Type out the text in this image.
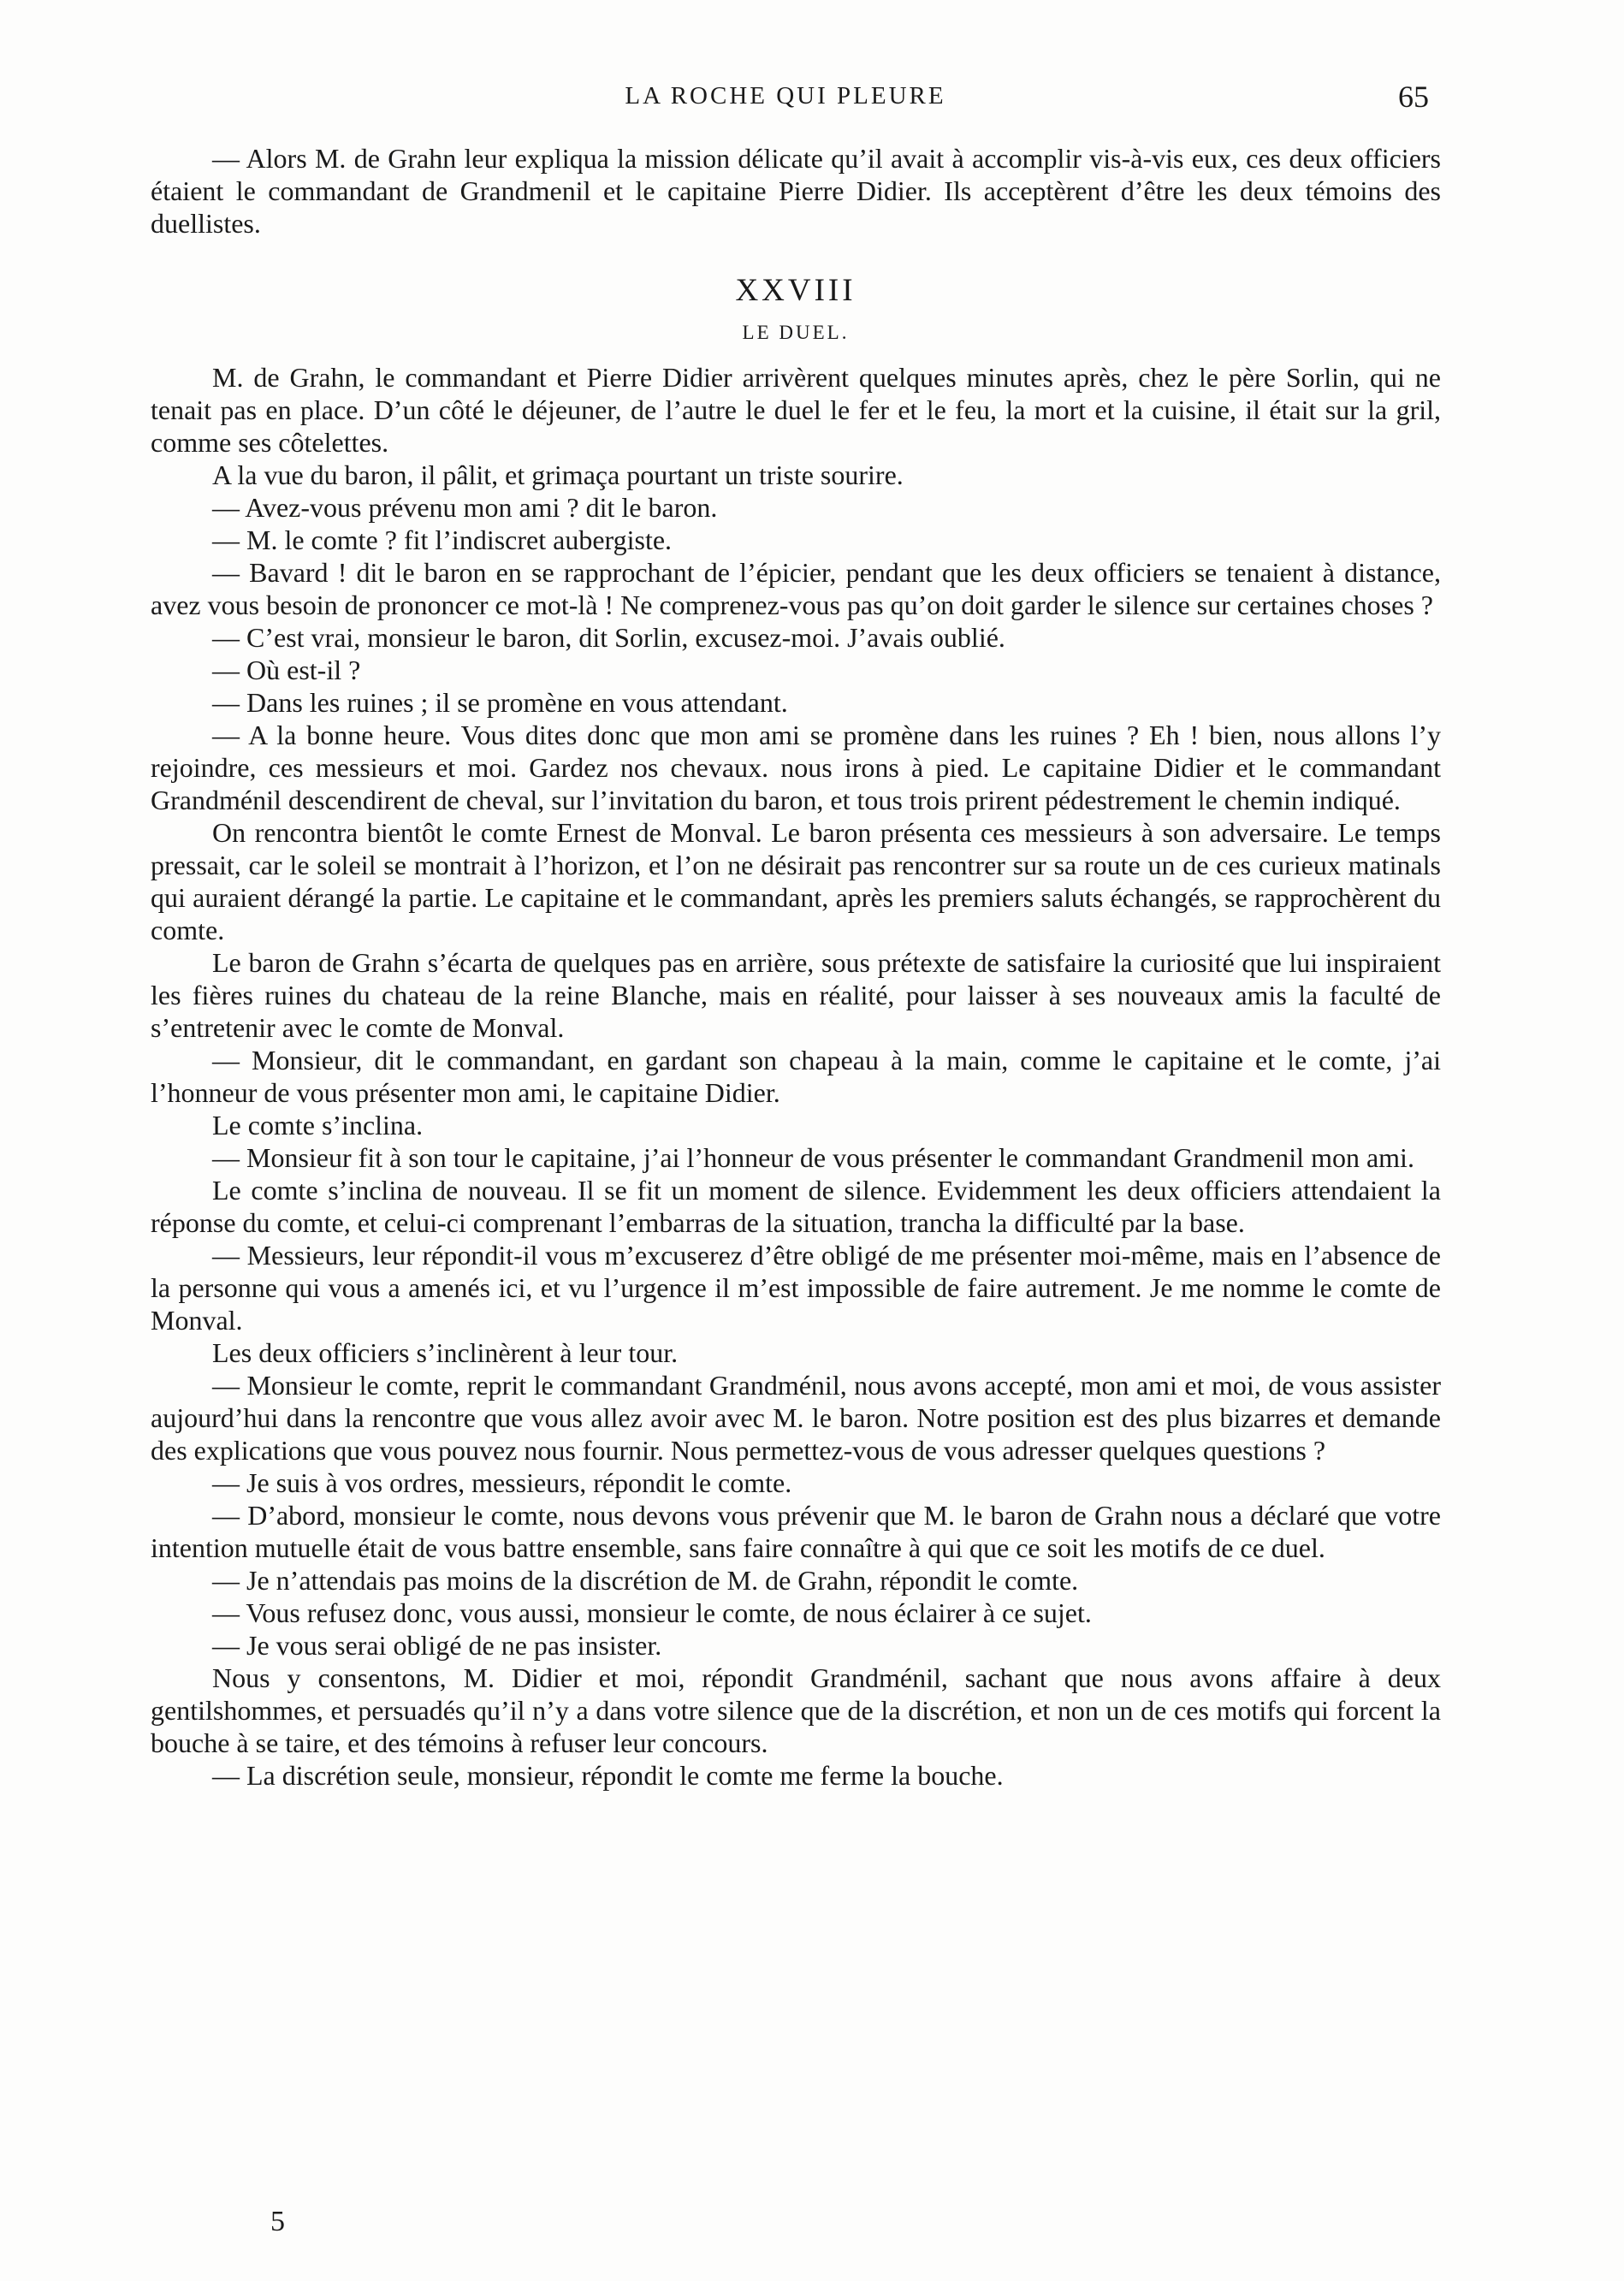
LA ROCHE QUI PLEURE	65

— Alors M. de Grahn leur expliqua la mission délicate qu’il avait à accomplir vis-à-vis eux, ces deux officiers étaient le commandant de Grandmenil et le capitaine Pierre Didier. Ils acceptèrent d’être les deux témoins des duellistes.

XXVIII
LE DUEL.

M. de Grahn, le commandant et Pierre Didier arrivèrent quelques minutes après, chez le père Sorlin, qui ne tenait pas en place. D’un côté le déjeuner, de l’autre le duel le fer et le feu, la mort et la cuisine, il était sur la gril, comme ses côtelettes.

A la vue du baron, il pâlit, et grimaça pourtant un triste sourire.

— Avez-vous prévenu mon ami ? dit le baron.

— M. le comte ? fit l’indiscret aubergiste.

— Bavard ! dit le baron en se rapprochant de l’épicier, pendant que les deux officiers se tenaient à distance, avez vous besoin de prononcer ce mot-là ! Ne comprenez-vous pas qu’on doit garder le silence sur certaines choses ?

— C’est vrai, monsieur le baron, dit Sorlin, excusez-moi. J’avais oublié.

— Où est-il ?

— Dans les ruines ; il se promène en vous attendant.

— A la bonne heure. Vous dites donc que mon ami se promène dans les ruines ? Eh ! bien, nous allons l’y rejoindre, ces messieurs et moi. Gardez nos chevaux. nous irons à pied. Le capitaine Didier et le commandant Grandménil descendirent de cheval, sur l’invitation du baron, et tous trois prirent pédestrement le chemin indiqué.

On rencontra bientôt le comte Ernest de Monval. Le baron présenta ces messieurs à son adversaire. Le temps pressait, car le soleil se montrait à l’horizon, et l’on ne désirait pas rencontrer sur sa route un de ces curieux matinals qui auraient dérangé la partie. Le capitaine et le commandant, après les premiers saluts échangés, se rapprochèrent du comte.

Le baron de Grahn s’écarta de quelques pas en arrière, sous prétexte de satisfaire la curiosité que lui inspiraient les fières ruines du chateau de la reine Blanche, mais en réalité, pour laisser à ses nouveaux amis la faculté de s’entretenir avec le comte de Monval.

— Monsieur, dit le commandant, en gardant son chapeau à la main, comme le capitaine et le comte, j’ai l’honneur de vous présenter mon ami, le capitaine Didier.

Le comte s’inclina.

— Monsieur fit à son tour le capitaine, j’ai l’honneur de vous présenter le commandant Grandmenil mon ami.

Le comte s’inclina de nouveau. Il se fit un moment de silence. Evidemment les deux officiers attendaient la réponse du comte, et celui-ci comprenant l’embarras de la situation, trancha la difficulté par la base.

— Messieurs, leur répondit-il vous m’excuserez d’être obligé de me présenter moi-même, mais en l’absence de la personne qui vous a amenés ici, et vu l’urgence il m’est impossible de faire autrement. Je me nomme le comte de Monval.

Les deux officiers s’inclinèrent à leur tour.

— Monsieur le comte, reprit le commandant Grandménil, nous avons accepté, mon ami et moi, de vous assister aujourd’hui dans la rencontre que vous allez avoir avec M. le baron. Notre position est des plus bizarres et demande des explications que vous pouvez nous fournir. Nous permettez-vous de vous adresser quelques questions ?

— Je suis à vos ordres, messieurs, répondit le comte.

— D’abord, monsieur le comte, nous devons vous prévenir que M. le baron de Grahn nous a déclaré que votre intention mutuelle était de vous battre ensemble, sans faire connaître à qui que ce soit les motifs de ce duel.

— Je n’attendais pas moins de la discrétion de M. de Grahn, répondit le comte.

— Vous refusez donc, vous aussi, monsieur le comte, de nous éclairer à ce sujet.

— Je vous serai obligé de ne pas insister.

Nous y consentons, M. Didier et moi, répondit Grandménil, sachant que nous avons affaire à deux gentilshommes, et persuadés qu’il n’y a dans votre silence que de la discrétion, et non un de ces motifs qui forcent la bouche à se taire, et des témoins à refuser leur concours.

— La discrétion seule, monsieur, répondit le comte me ferme la bouche.

5
